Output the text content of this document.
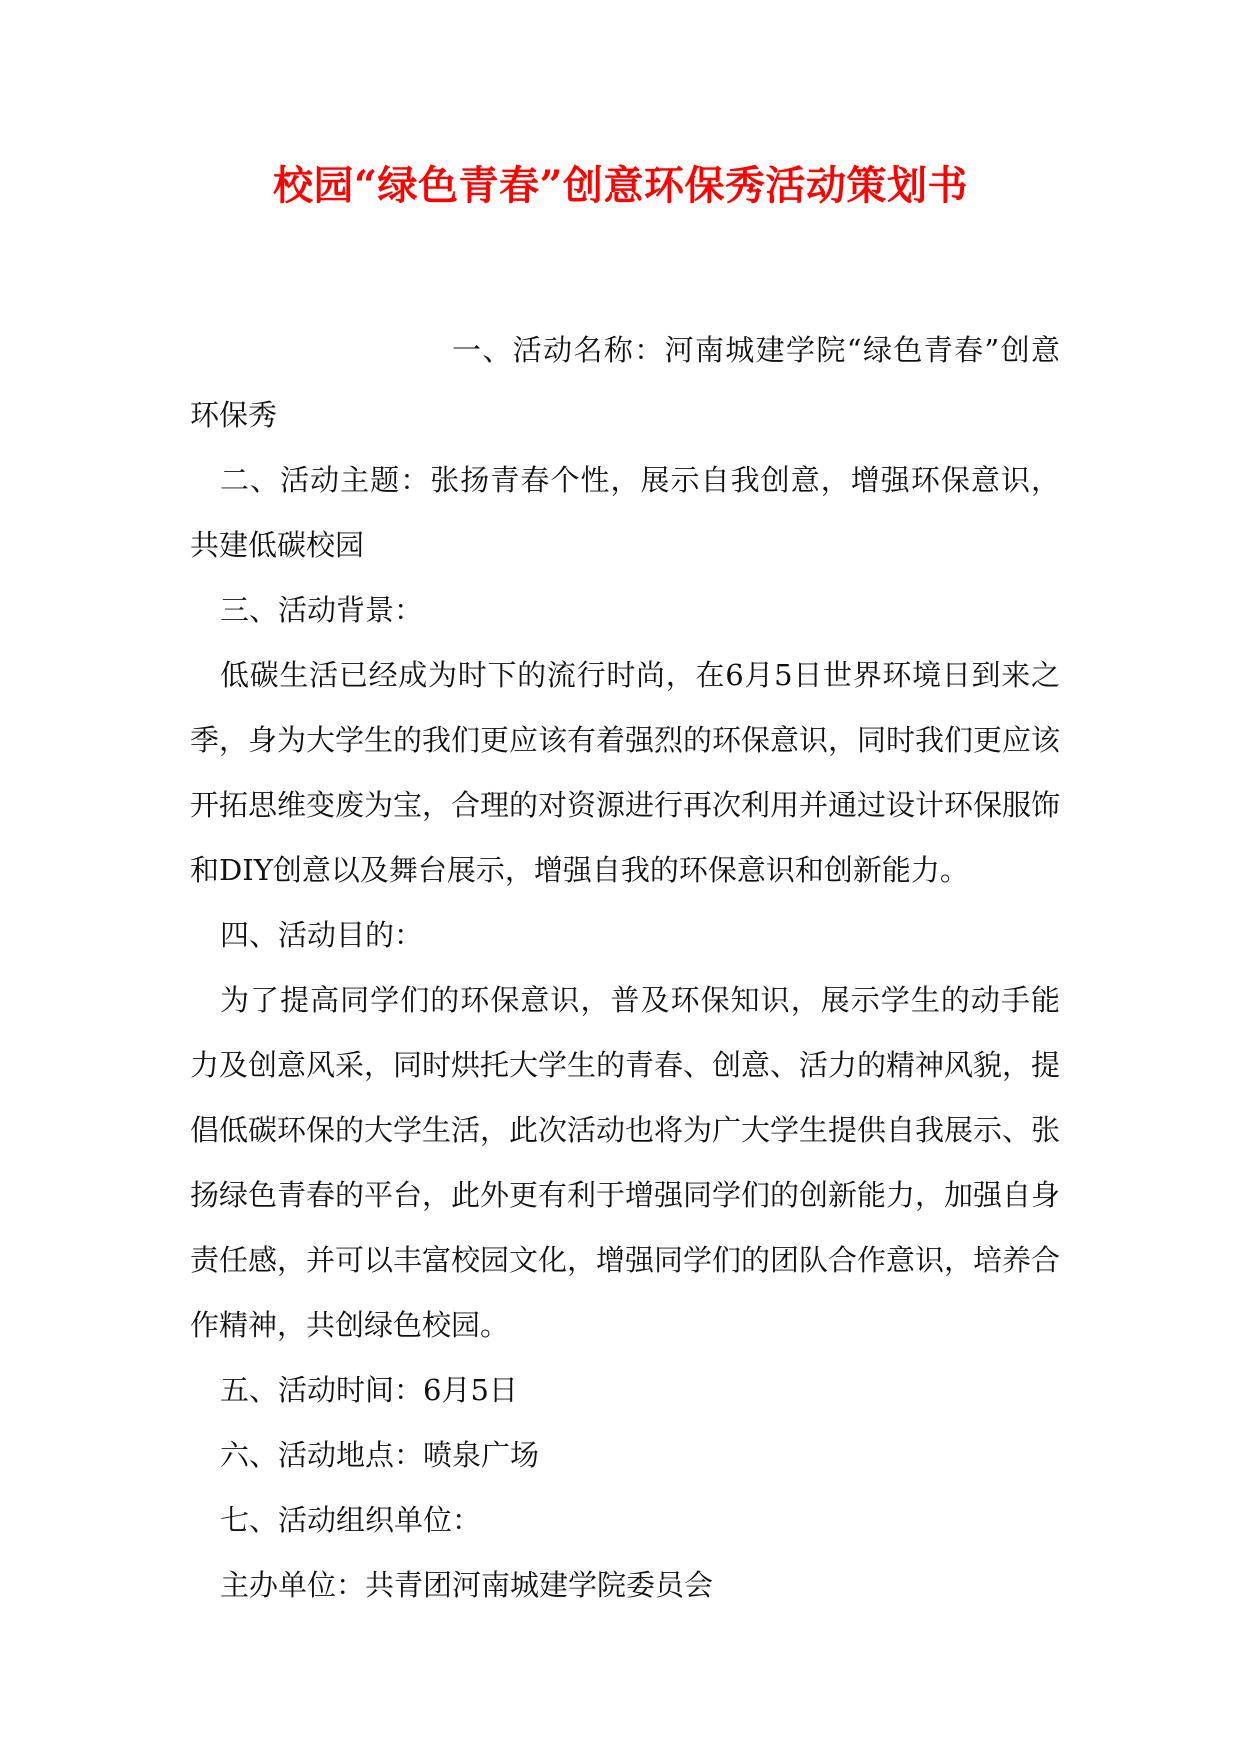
校园“绿色青春”创意环保秀活动策划书

一、活动名称：河南城建学院“绿色青春”创意环保秀

二、活动主题：张扬青春个性，展示自我创意，增强环保意识，共建低碳校园

三、活动背景：

低碳生活已经成为时下的流行时尚，在6月5日世界环境日到来之季，身为大学生的我们更应该有着强烈的环保意识，同时我们更应该开拓思维变废为宝，合理的对资源进行再次利用并通过设计环保服饰和DIY创意以及舞台展示，增强自我的环保意识和创新能力。

四、活动目的：

为了提高同学们的环保意识，普及环保知识，展示学生的动手能力及创意风采，同时烘托大学生的青春、创意、活力的精神风貌，提倡低碳环保的大学生活，此次活动也将为广大学生提供自我展示、张扬绿色青春的平台，此外更有利于增强同学们的创新能力，加强自身责任感，并可以丰富校园文化，增强同学们的团队合作意识，培养合作精神，共创绿色校园。

五、活动时间：6月5日

六、活动地点：喷泉广场

七、活动组织单位：

主办单位：共青团河南城建学院委员会
